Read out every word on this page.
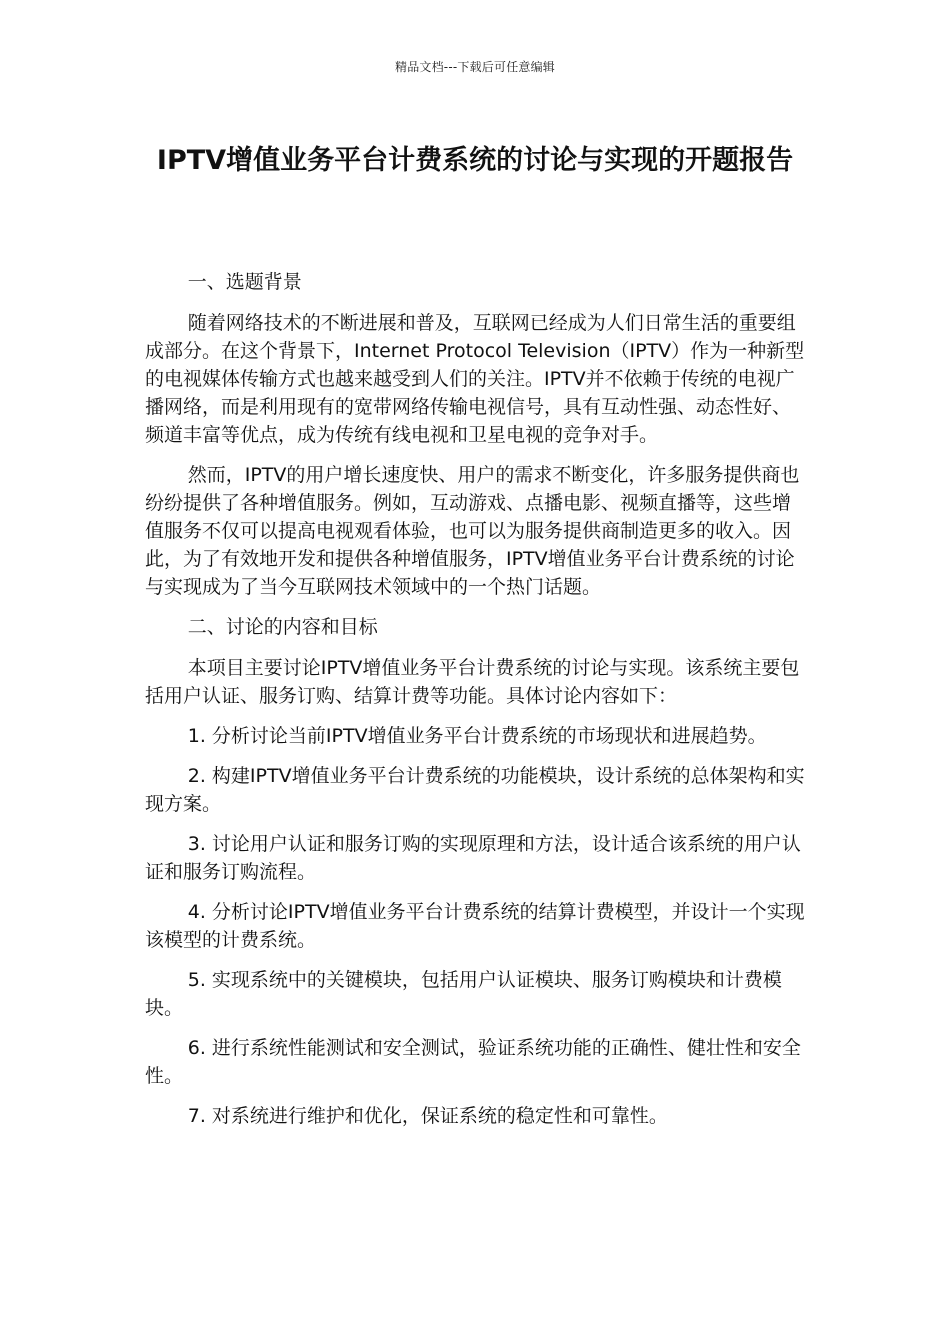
精品文档---下载后可任意编辑
IPTV增值业务平台计费系统的讨论与实现的开题报告

一、选题背景

随着网络技术的不断进展和普及，互联网已经成为人们日常生活的重要组成部分。在这个背景下，Internet Protocol Television（IPTV）作为一种新型的电视媒体传输方式也越来越受到人们的关注。IPTV并不依赖于传统的电视广播网络，而是利用现有的宽带网络传输电视信号，具有互动性强、动态性好、频道丰富等优点，成为传统有线电视和卫星电视的竞争对手。

然而，IPTV的用户增长速度快、用户的需求不断变化，许多服务提供商也纷纷提供了各种增值服务。例如，互动游戏、点播电影、视频直播等，这些增值服务不仅可以提高电视观看体验，也可以为服务提供商制造更多的收入。因此，为了有效地开发和提供各种增值服务，IPTV增值业务平台计费系统的讨论与实现成为了当今互联网技术领域中的一个热门话题。

二、讨论的内容和目标

本项目主要讨论IPTV增值业务平台计费系统的讨论与实现。该系统主要包括用户认证、服务订购、结算计费等功能。具体讨论内容如下：

1. 分析讨论当前IPTV增值业务平台计费系统的市场现状和进展趋势。

2. 构建IPTV增值业务平台计费系统的功能模块，设计系统的总体架构和实现方案。

3. 讨论用户认证和服务订购的实现原理和方法，设计适合该系统的用户认证和服务订购流程。

4. 分析讨论IPTV增值业务平台计费系统的结算计费模型，并设计一个实现该模型的计费系统。

5. 实现系统中的关键模块，包括用户认证模块、服务订购模块和计费模块。

6. 进行系统性能测试和安全测试，验证系统功能的正确性、健壮性和安全性。

7. 对系统进行维护和优化，保证系统的稳定性和可靠性。
